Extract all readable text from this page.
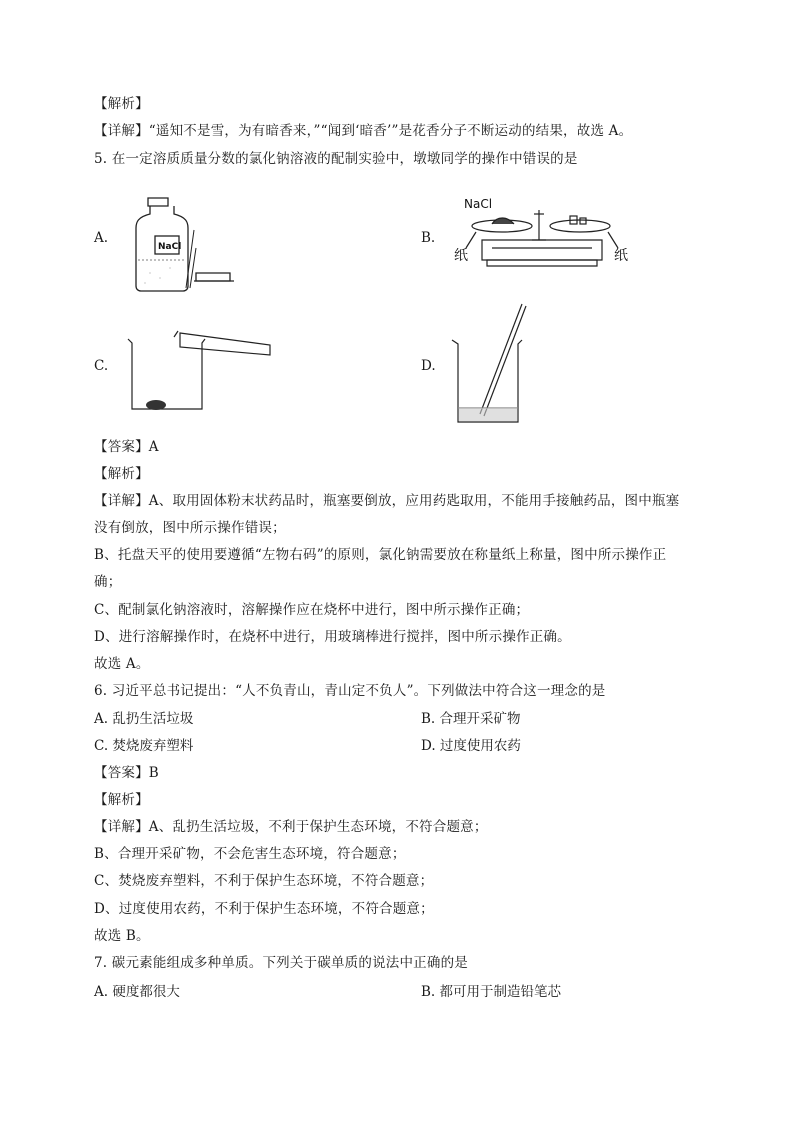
【解析】
【详解】“遥知不是雪，为有暗香来，”“闻到‘暗香’”是花香分子不断运动的结果，故选 A。
5. 在一定溶质质量分数的氯化钠溶液的配制实验中，墩墩同学的操作中错误的是
A.	B.
C.	D.
NaCl
NaCl
纸	纸
【答案】A
【解析】
【详解】A、取用固体粉末状药品时，瓶塞要倒放，应用药匙取用，不能用手接触药品，图中瓶塞
没有倒放，图中所示操作错误；
B、托盘天平的使用要遵循“左物右码”的原则，氯化钠需要放在称量纸上称量，图中所示操作正
确；
C、配制氯化钠溶液时，溶解操作应在烧杯中进行，图中所示操作正确；
D、进行溶解操作时，在烧杯中进行，用玻璃棒进行搅拌，图中所示操作正确。
故选 A。
6. 习近平总书记提出：“人不负青山，青山定不负人”。下列做法中符合这一理念的是
A. 乱扔生活垃圾	B. 合理开采矿物
C. 焚烧废弃塑料	D. 过度使用农药
【答案】B
【解析】
【详解】A、乱扔生活垃圾，不利于保护生态环境，不符合题意；
B、合理开采矿物，不会危害生态环境，符合题意；
C、焚烧废弃塑料，不利于保护生态环境，不符合题意；
D、过度使用农药，不利于保护生态环境，不符合题意；
故选 B。
7. 碳元素能组成多种单质。下列关于碳单质的说法中正确的是
A. 硬度都很大	B. 都可用于制造铅笔芯
